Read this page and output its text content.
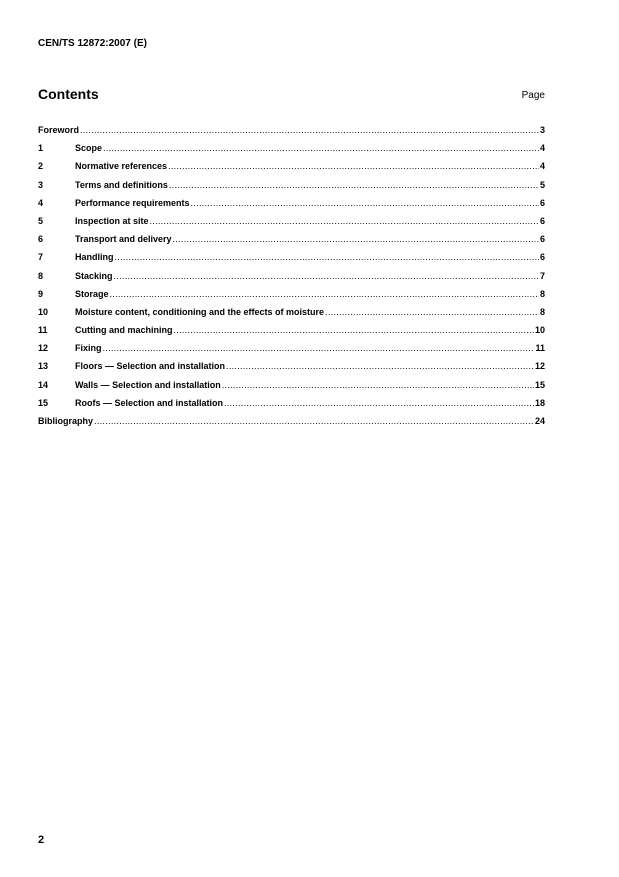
CEN/TS 12872:2007 (E)
Contents	Page
Foreword .....	3
1	Scope .....	4
2	Normative references .....	4
3	Terms and definitions .....	5
4	Performance requirements .....	6
5	Inspection at site .....	6
6	Transport and delivery .....	6
7	Handling .....	6
8	Stacking .....	7
9	Storage .....	8
10	Moisture content, conditioning and the effects of moisture .....	8
11	Cutting and machining .....	10
12	Fixing .....	11
13	Floors — Selection and installation .....	12
14	Walls — Selection and installation .....	15
15	Roofs — Selection and installation .....	18
Bibliography .....	24
2
